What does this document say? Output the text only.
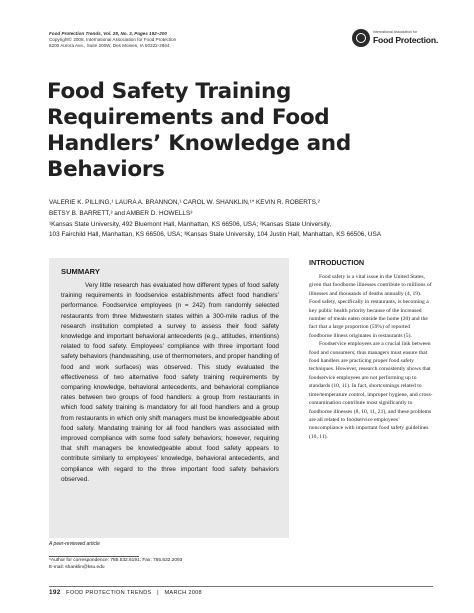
Food Protection Trends, Vol. 28, No. 3, Pages 192–200
Copyright© 2008, International Association for Food Protection
6200 Aurora Ave., Suite 200W, Des Moines, IA 50322-2864
International Association for
Food Protection.
Food Safety Training Requirements and Food Handlers’ Knowledge and Behaviors
VALERIE K. PILLING,¹ LAURA A. BRANNON,¹ CAROL W. SHANKLIN,¹* KEVIN R. ROBERTS,²
BETSY B. BARRETT,³ and AMBER D. HOWELLS³
¹Kansas State University, 492 Bluemont Hall, Manhattan, KS 66506, USA; ²Kansas State University,
103 Fairchild Hall, Manhattan, KS 66506, USA; ³Kansas State University, 104 Justin Hall, Manhattan, KS 66506, USA
SUMMARY

Very little research has evaluated how different types of food safety training requirements in foodservice establishments affect food handlers’ performance. Foodservice employees (n = 242) from randomly selected restaurants from three Midwestern states within a 300-mile radius of the research institution completed a survey to assess their food safety knowledge and important behavioral antecedents (e.g., attitudes, intentions) related to food safety. Employees’ compliance with three important food safety behaviors (handwashing, use of thermometers, and proper handling of food and work surfaces) was observed. This study evaluated the effectiveness of two alternative food safety training requirements by comparing knowledge, behavioral antecedents, and behavioral compliance rates between two groups of food handlers: a group from restaurants in which food safety training is mandatory for all food handlers and a group from restaurants in which only shift managers must be knowledgeable about food safety. Mandating training for all food handlers was associated with improved compliance with some food safety behaviors; however, requiring that shift managers be knowledgeable about food safety appears to contribute similarly to employees’ knowledge, behavioral antecedents, and compliance with regard to the three important food safety behaviors observed.

INTRODUCTION

Food safety is a vital issue in the United States, given that foodborne illnesses contribute to millions of illnesses and thousands of deaths annually (4, 19). Food safety, specifically in restaurants, is becoming a key public health priority because of the increased number of meals eaten outside the home (20) and the fact that a large proportion (59%) of reported foodborne illness originates in restaurants (5).

Foodservice employees are a crucial link between food and consumers; thus managers must ensure that food handlers are practicing proper food safety techniques. However, research consistently shows that foodservice employees are not performing up to standards (10, 11). In fact, shortcomings related to time/temperature control, improper hygiene, and cross-contamination contribute most significantly to foodborne illnesses (8, 10, 11, 21), and these problems are all related to foodservice employees’ noncompliance with important food safety guidelines (10, 11).

A peer-reviewed article
*Author for correspondence: 785.532.6191; Fax: 785.532.2093
E-mail: shanklin@ksu.edu
192 FOOD PROTECTION TRENDS | MARCH 2008
